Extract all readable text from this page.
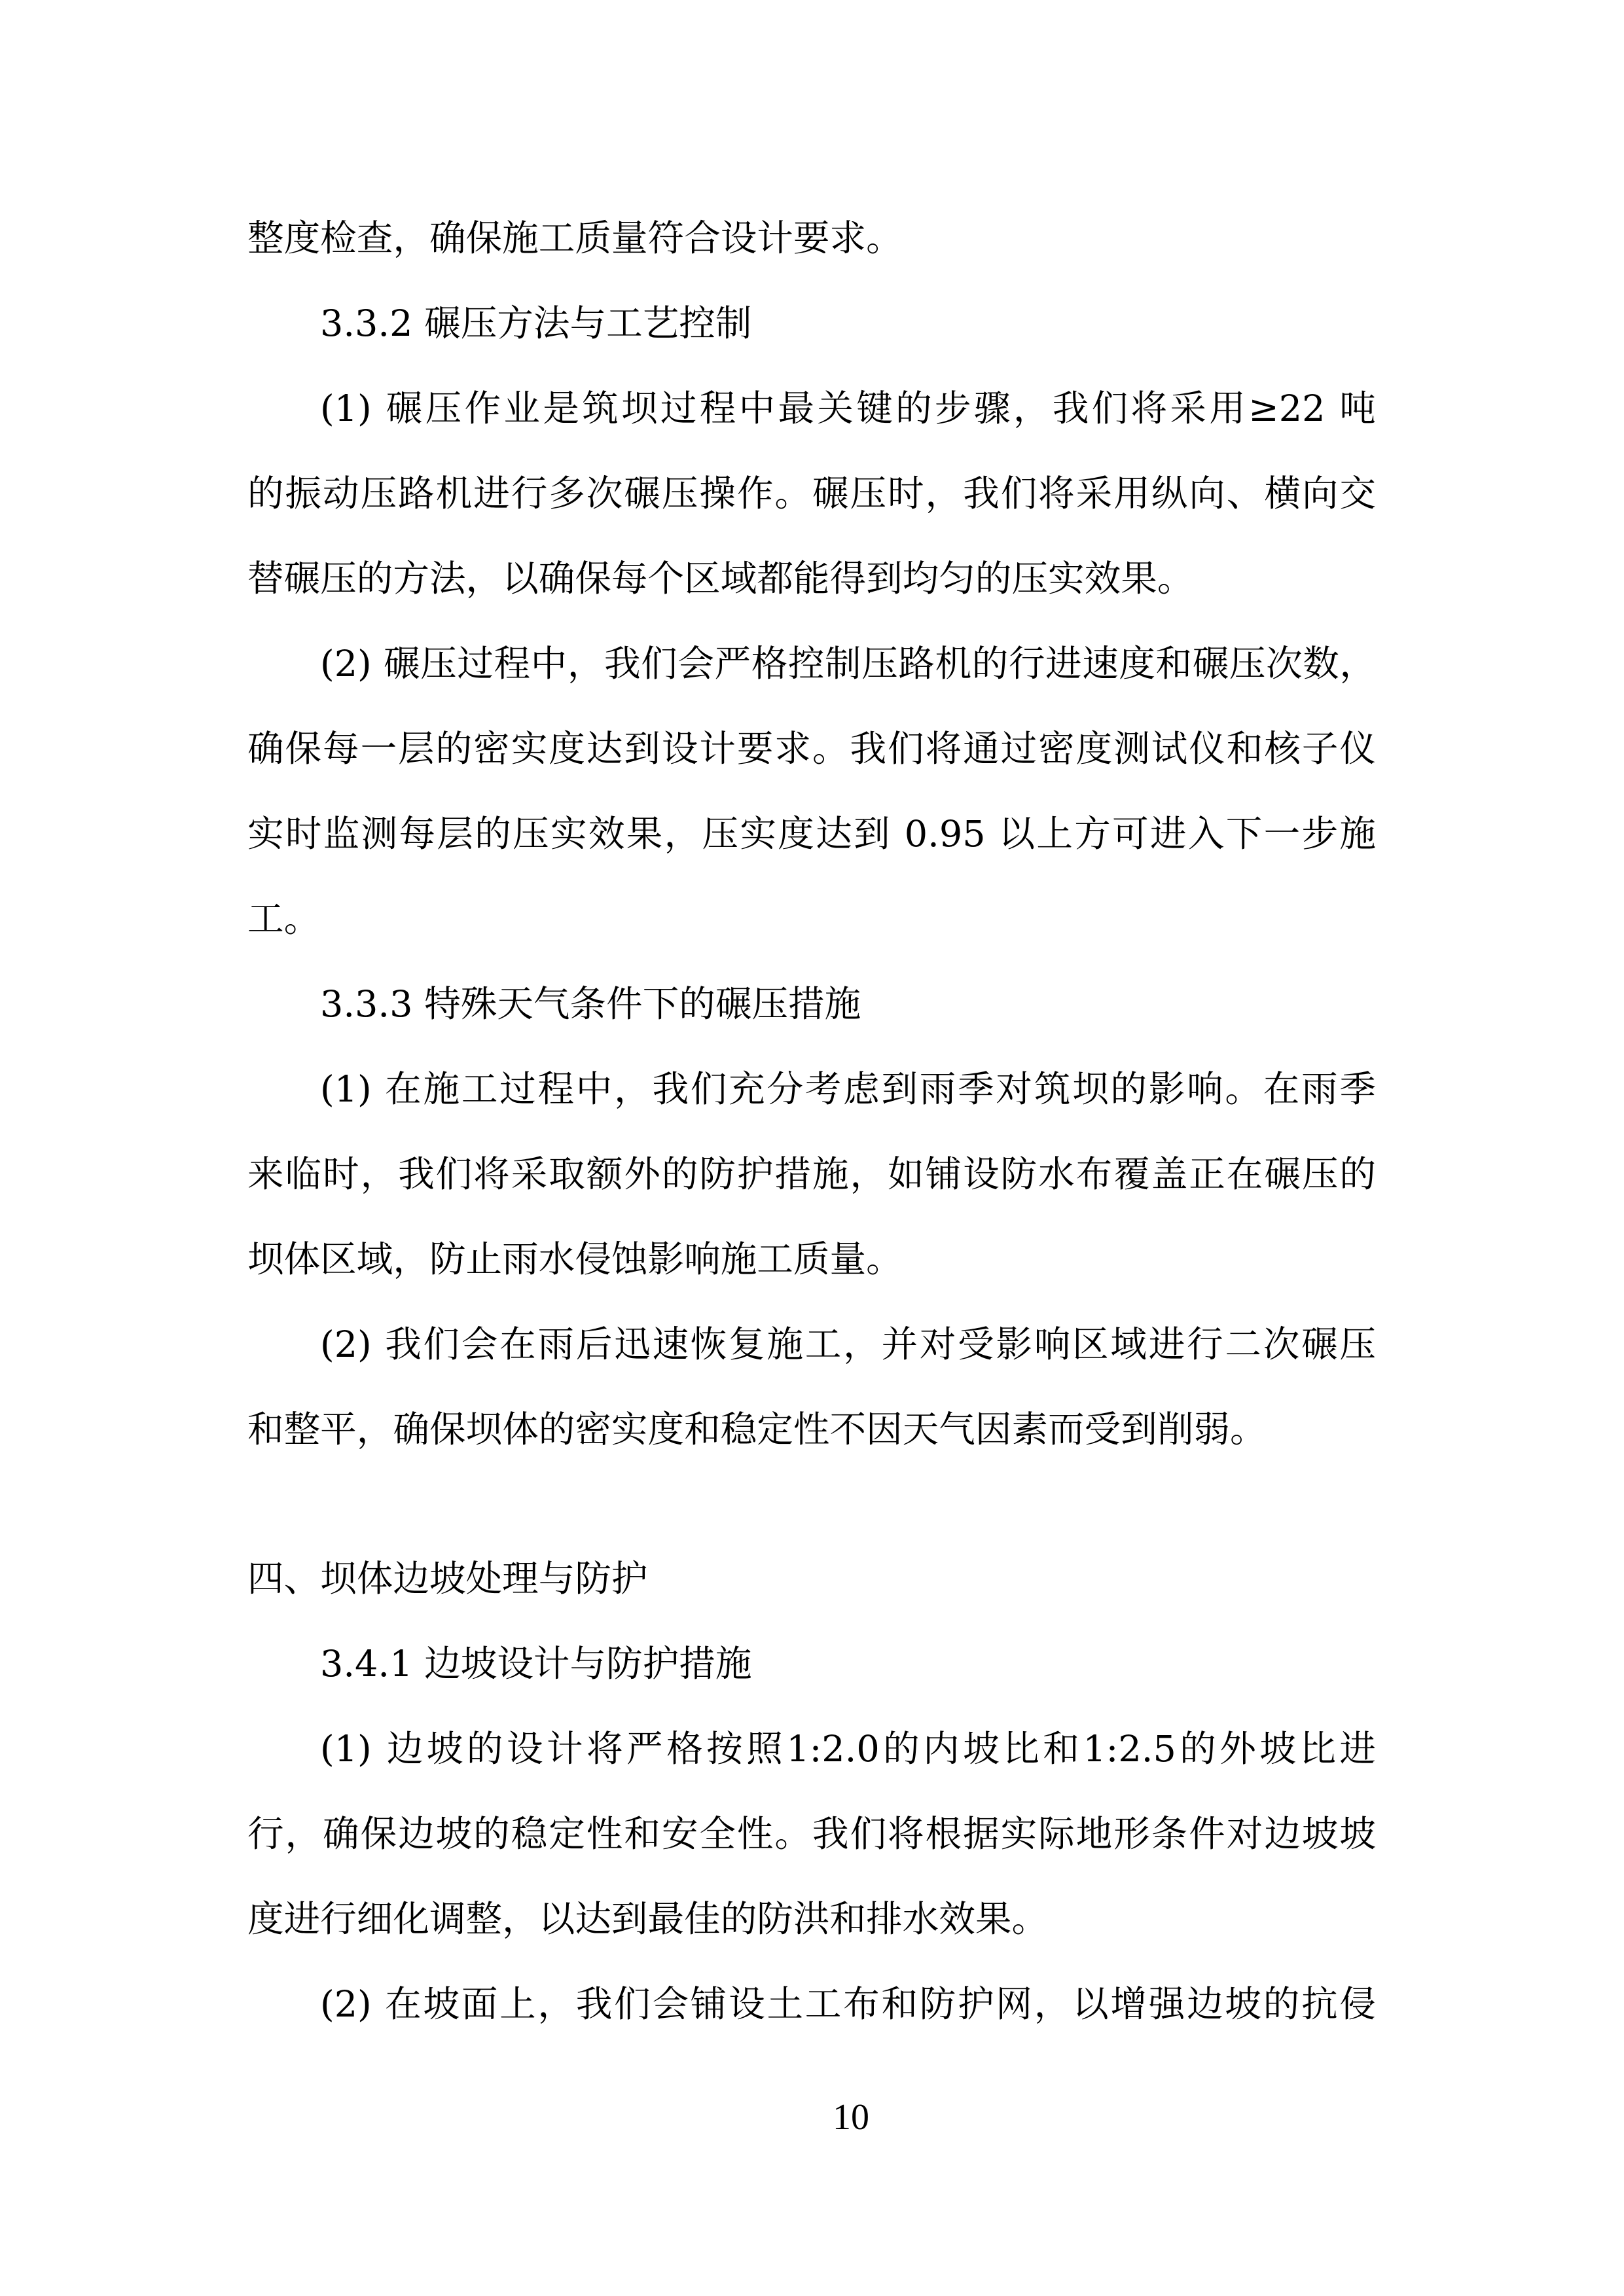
整度检查，确保施工质量符合设计要求。
3.3.2 碾压方法与工艺控制
(1) 碾压作业是筑坝过程中最关键的步骤，我们将采用≥22 吨
的振动压路机进行多次碾压操作。碾压时，我们将采用纵向、横向交
替碾压的方法，以确保每个区域都能得到均匀的压实效果。
(2) 碾压过程中，我们会严格控制压路机的行进速度和碾压次数，
确保每一层的密实度达到设计要求。我们将通过密度测试仪和核子仪
实时监测每层的压实效果，压实度达到 0.95 以上方可进入下一步施
工。
3.3.3 特殊天气条件下的碾压措施
(1) 在施工过程中，我们充分考虑到雨季对筑坝的影响。在雨季
来临时，我们将采取额外的防护措施，如铺设防水布覆盖正在碾压的
坝体区域，防止雨水侵蚀影响施工质量。
(2) 我们会在雨后迅速恢复施工，并对受影响区域进行二次碾压
和整平，确保坝体的密实度和稳定性不因天气因素而受到削弱。
四、坝体边坡处理与防护
3.4.1 边坡设计与防护措施
(1) 边坡的设计将严格按照1:2.0的内坡比和1:2.5的外坡比进
行，确保边坡的稳定性和安全性。我们将根据实际地形条件对边坡坡
度进行细化调整，以达到最佳的防洪和排水效果。
(2) 在坡面上，我们会铺设土工布和防护网，以增强边坡的抗侵
10
